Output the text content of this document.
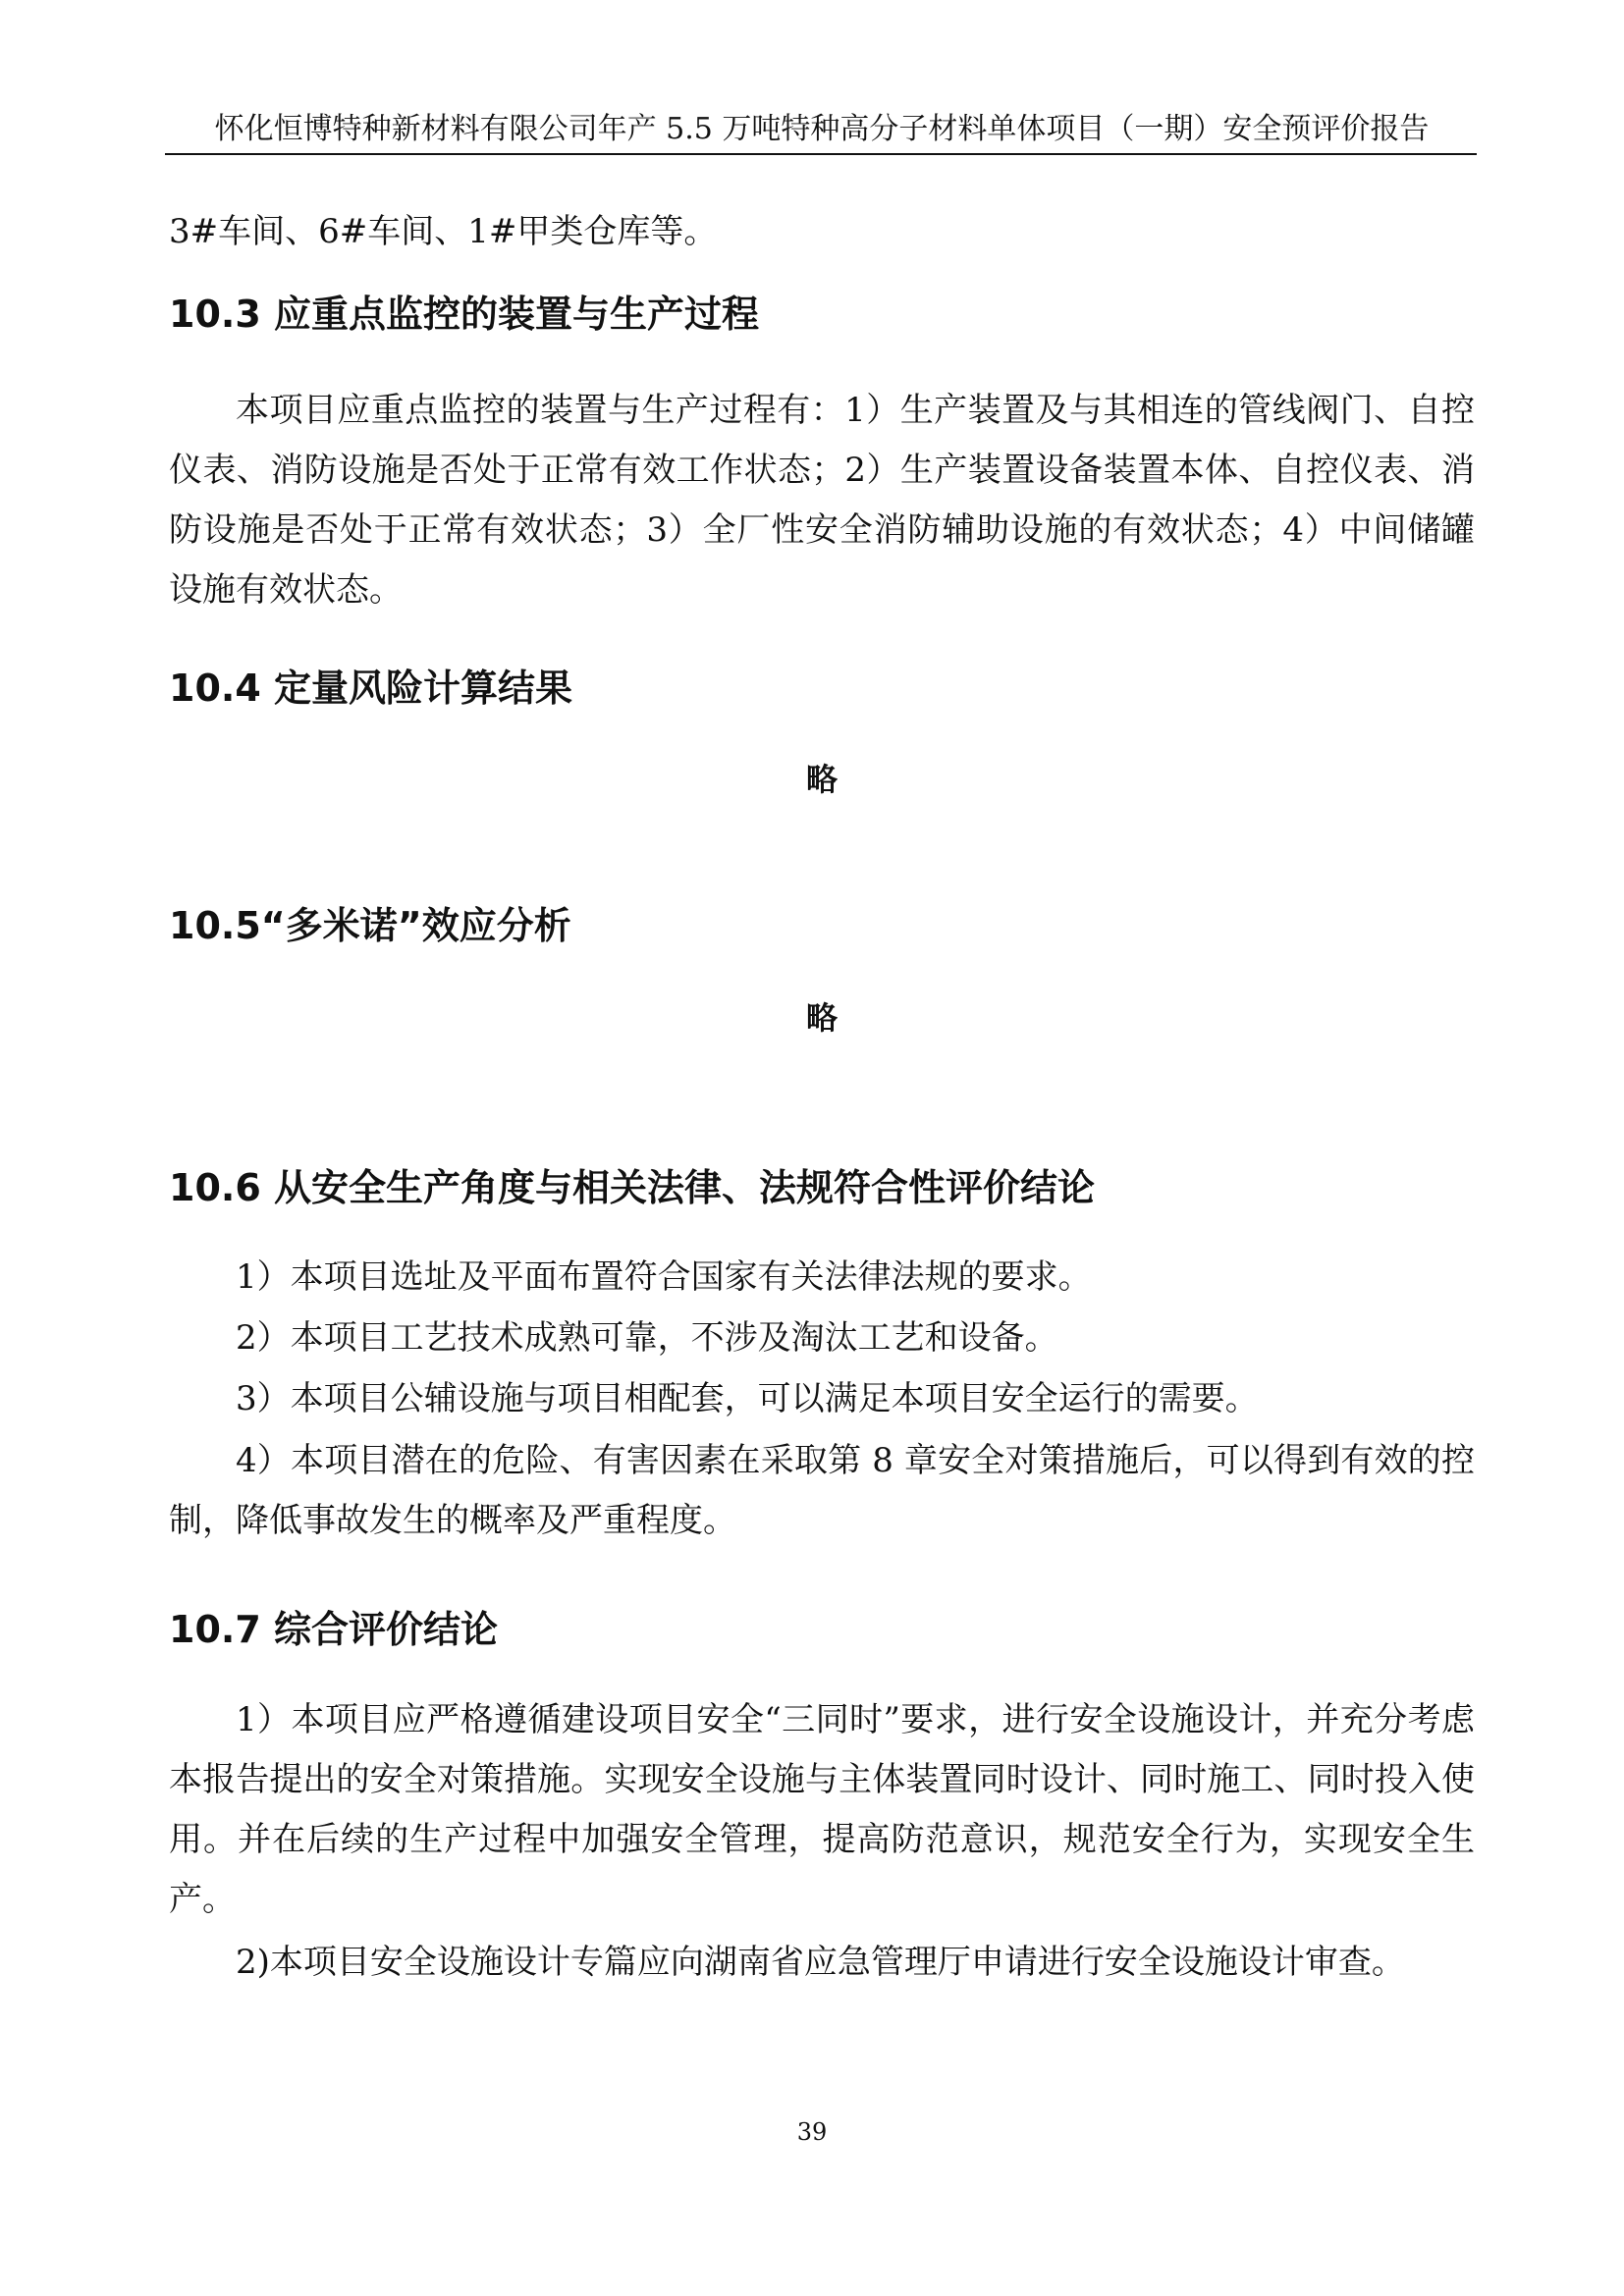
怀化恒博特种新材料有限公司年产 5.5 万吨特种高分子材料单体项目（一期）安全预评价报告

3#车间、6#车间、1#甲类仓库等。

10.3 应重点监控的装置与生产过程

本项目应重点监控的装置与生产过程有：1）生产装置及与其相连的管线阀门、自控仪表、消防设施是否处于正常有效工作状态；2）生产装置设备装置本体、自控仪表、消防设施是否处于正常有效状态；3）全厂性安全消防辅助设施的有效状态；4）中间储罐设施有效状态。

10.4 定量风险计算结果
略
10.5“多米诺”效应分析
略
10.6 从安全生产角度与相关法律、法规符合性评价结论

1）本项目选址及平面布置符合国家有关法律法规的要求。

2）本项目工艺技术成熟可靠，不涉及淘汰工艺和设备。

3）本项目公辅设施与项目相配套，可以满足本项目安全运行的需要。

4）本项目潜在的危险、有害因素在采取第 8 章安全对策措施后，可以得到有效的控制，降低事故发生的概率及严重程度。

10.7 综合评价结论

1）本项目应严格遵循建设项目安全“三同时”要求，进行安全设施设计，并充分考虑本报告提出的安全对策措施。实现安全设施与主体装置同时设计、同时施工、同时投入使用。并在后续的生产过程中加强安全管理，提高防范意识，规范安全行为，实现安全生产。

2)本项目安全设施设计专篇应向湖南省应急管理厅申请进行安全设施设计审查。

39
